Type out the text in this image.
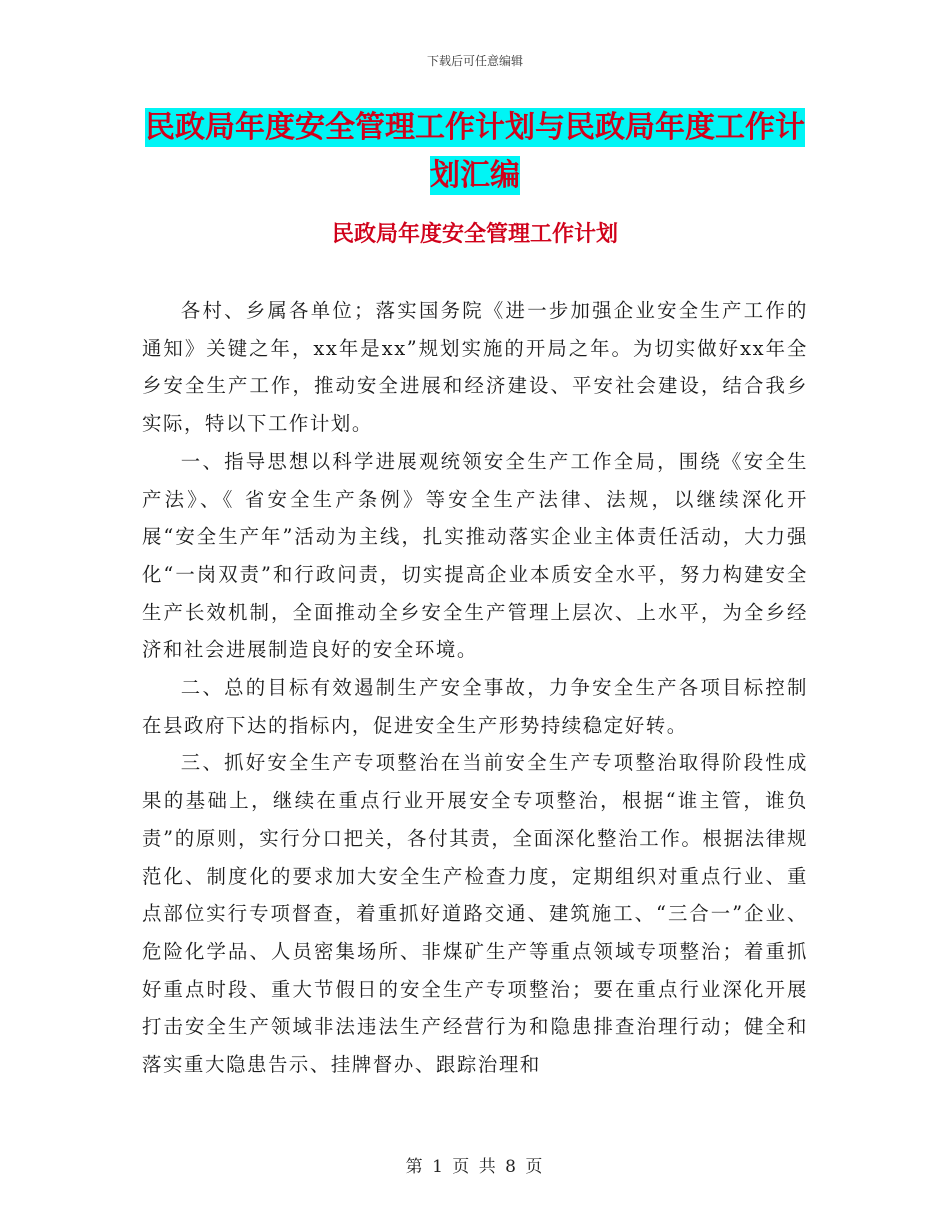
下载后可任意编辑
民政局年度安全管理工作计划与民政局年度工作计划汇编
民政局年度安全管理工作计划

各村、乡属各单位；落实国务院《进一步加强企业安全生产工作的通知》关键之年，xx年是xx”规划实施的开局之年。为切实做好xx年全乡安全生产工作，推动安全进展和经济建设、平安社会建设，结合我乡实际，特以下工作计划。

一、指导思想以科学进展观统领安全生产工作全局，围绕《安全生产法》、《 省安全生产条例》等安全生产法律、法规，以继续深化开展“安全生产年”活动为主线，扎实推动落实企业主体责任活动，大力强化“一岗双责”和行政问责，切实提高企业本质安全水平，努力构建安全生产长效机制，全面推动全乡安全生产管理上层次、上水平，为全乡经济和社会进展制造良好的安全环境。

二、总的目标有效遏制生产安全事故，力争安全生产各项目标控制在县政府下达的指标内，促进安全生产形势持续稳定好转。

三、抓好安全生产专项整治在当前安全生产专项整治取得阶段性成果的基础上，继续在重点行业开展安全专项整治，根据“谁主管，谁负责”的原则，实行分口把关，各付其责，全面深化整治工作。根据法律规范化、制度化的要求加大安全生产检查力度，定期组织对重点行业、重点部位实行专项督查，着重抓好道路交通、建筑施工、“三合一”企业、危险化学品、人员密集场所、非煤矿生产等重点领域专项整治；着重抓好重点时段、重大节假日的安全生产专项整治；要在重点行业深化开展打击安全生产领域非法违法生产经营行为和隐患排查治理行动；健全和落实重大隐患告示、挂牌督办、跟踪治理和

第 1 页 共 8 页
